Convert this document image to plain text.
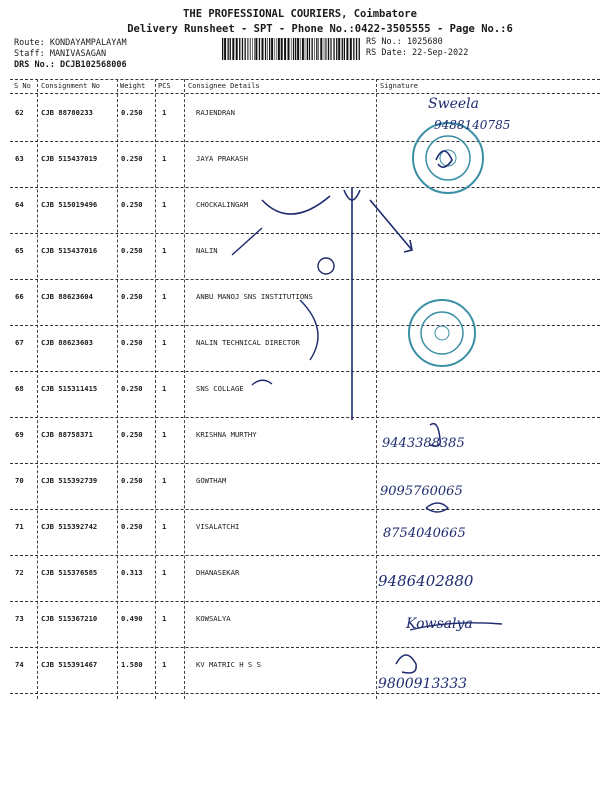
THE PROFESSIONAL COURIERS, Coimbatore
Delivery Runsheet - SPT - Phone No.:0422-3505555 - Page No.:6
Route: KONDAYAMPALAYAM
Staff: MANIVASAGAN
DRS No.: DCJB102568006
RS No.: 1025680
RS Date: 22-Sep-2022
S No Consignment No	Weight PCS Consignee Details	Signature
62 CJB 88780233	0.250	1	RAJENDRAN
63 CJB 515437019	0.250	1	JAYA PRAKASH
64 CJB 515019496	0.250	1	CHOCKALINGAM
65 CJB 515437016	0.250	1	NALIN
66 CJB 88623604	0.250	1	ANBU MANOJ SNS INSTITUTIONS
67 CJB 88623603	0.250	1	NALIN TECHNICAL DIRECTOR
68 CJB 515311415	0.250	1	SNS COLLAGE
69 CJB 88758371	0.250	1	KRISHNA MURTHY
70 CJB 515392739	0.250	1	GOWTHAM
71 CJB 515392742	0.250	1	VISALATCHI
72 CJB 515376585	0.313	1	DHANASEKAR
73 CJB 515367210	0.490	1	KOWSALYA
74 CJB 515391467	1.580	1	KV MATRIC H S S
Sweela
9488140785
9443388385
9095760065
8754040665
9486402880
Kowsalya
9800913333
